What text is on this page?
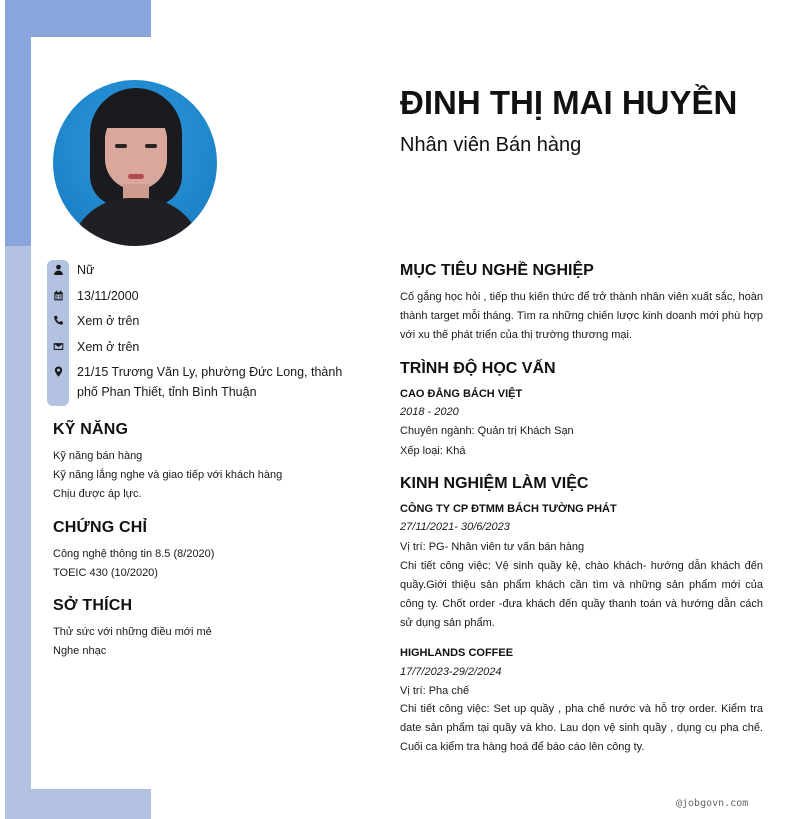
ĐINH THỊ MAI HUYỀN
Nhân viên Bán hàng
Nữ
13/11/2000
Xem ở trên
Xem ở trên
21/15 Trương Văn Ly, phường Đức Long, thành phố Phan Thiết, tỉnh Bình Thuận
KỸ NĂNG
Kỹ năng bán hàng
Kỹ năng lắng nghe và giao tiếp với khách hàng
Chịu được áp lực.
CHỨNG CHỈ
Công nghệ thông tin 8.5 (8/2020)
TOEIC 430 (10/2020)
SỞ THÍCH
Thử sức với những điều mới mẻ
Nghe nhạc
MỤC TIÊU NGHỀ NGHIỆP

Cố gắng học hỏi , tiếp thu kiến thức để trở thành nhân viên xuất sắc, hoàn thành target mỗi tháng. Tìm ra những chiến lược kinh doanh mới phù hợp với xu thế phát triển của thị trường thương mại.

TRÌNH ĐỘ HỌC VẤN
CAO ĐẲNG BÁCH VIỆT
2018 - 2020
Chuyên ngành: Quản trị Khách Sạn
Xếp loại: Khá
KINH NGHIỆM LÀM VIỆC
CÔNG TY CP ĐTMM BÁCH TƯỜNG PHÁT
27/11/2021- 30/6/2023
Vị trí: PG- Nhân viên tư vấn bán hàng

Chi tiết công việc: Vệ sinh quầy kệ, chào khách- hướng dẫn khách đến quầy.Giới thiệu sản phẩm khách cần tìm và những sản phẩm mới của công ty. Chốt order -đưa khách đến quầy thanh toán và hướng dẫn cách sử dụng sản phẩm.

HIGHLANDS COFFEE
17/7/2023-29/2/2024
Vị trí: Pha chế

Chi tiết công việc: Set up quầy , pha chế nước và hỗ trợ order. Kiểm tra date sản phẩm tại quầy và kho. Lau dọn vệ sinh quầy , dụng cụ pha chế. Cuối ca kiểm tra hàng hoá để báo cáo lên công ty.

@jobgovn.com
